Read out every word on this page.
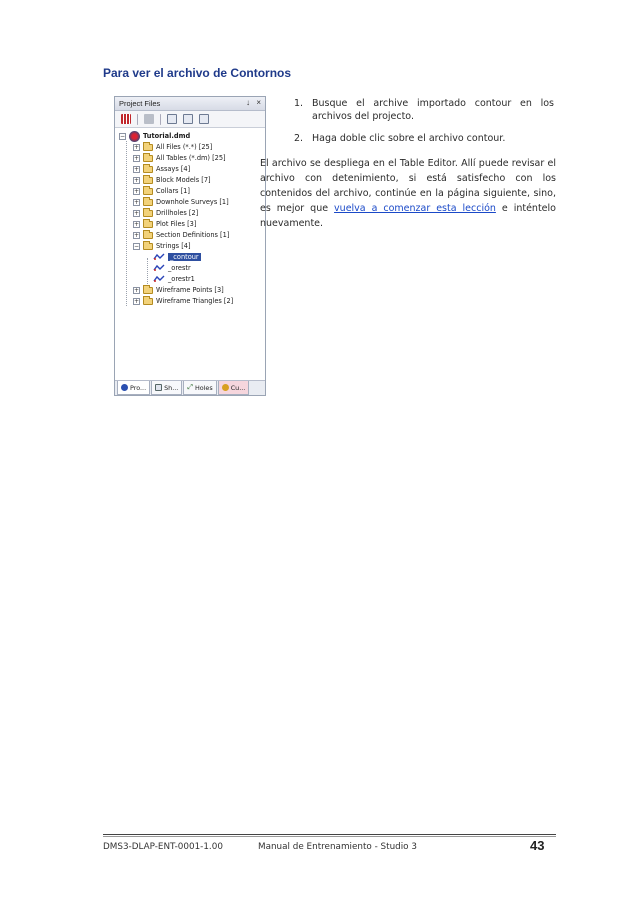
Para ver el archivo de Contornos
Project Files	↓ ×
−	Tutorial.dmd
+	All Files (*.*) [25]
+	All Tables (*.dm) [25]
+	Assays [4]
+	Block Models [7]
+	Collars [1]
+	Downhole Surveys [1]
+	Drillholes [2]
+	Plot Files [3]
+	Section Definitions [1]
−	Strings [4]
_contour
_orestr
_orestr1
+	Wireframe Points [3]
+	Wireframe Triangles [2]
Pro...	Sh... ⤢ Holes	Cu...
1. Busque el archive importado contour en los archivos del projecto.
2. Haga doble clic sobre el archivo contour.
El archivo se despliega en el Table Editor. Allí puede revisar el archivo con detenimiento, si está satisfecho con los contenidos del archivo, continúe en la página siguiente, sino, es mejor que vuelva a comenzar esta lección e inténtelo nuevamente.
DMS3-DLAP-ENT-0001-1.00	Manual de Entrenamiento - Studio 3	43
